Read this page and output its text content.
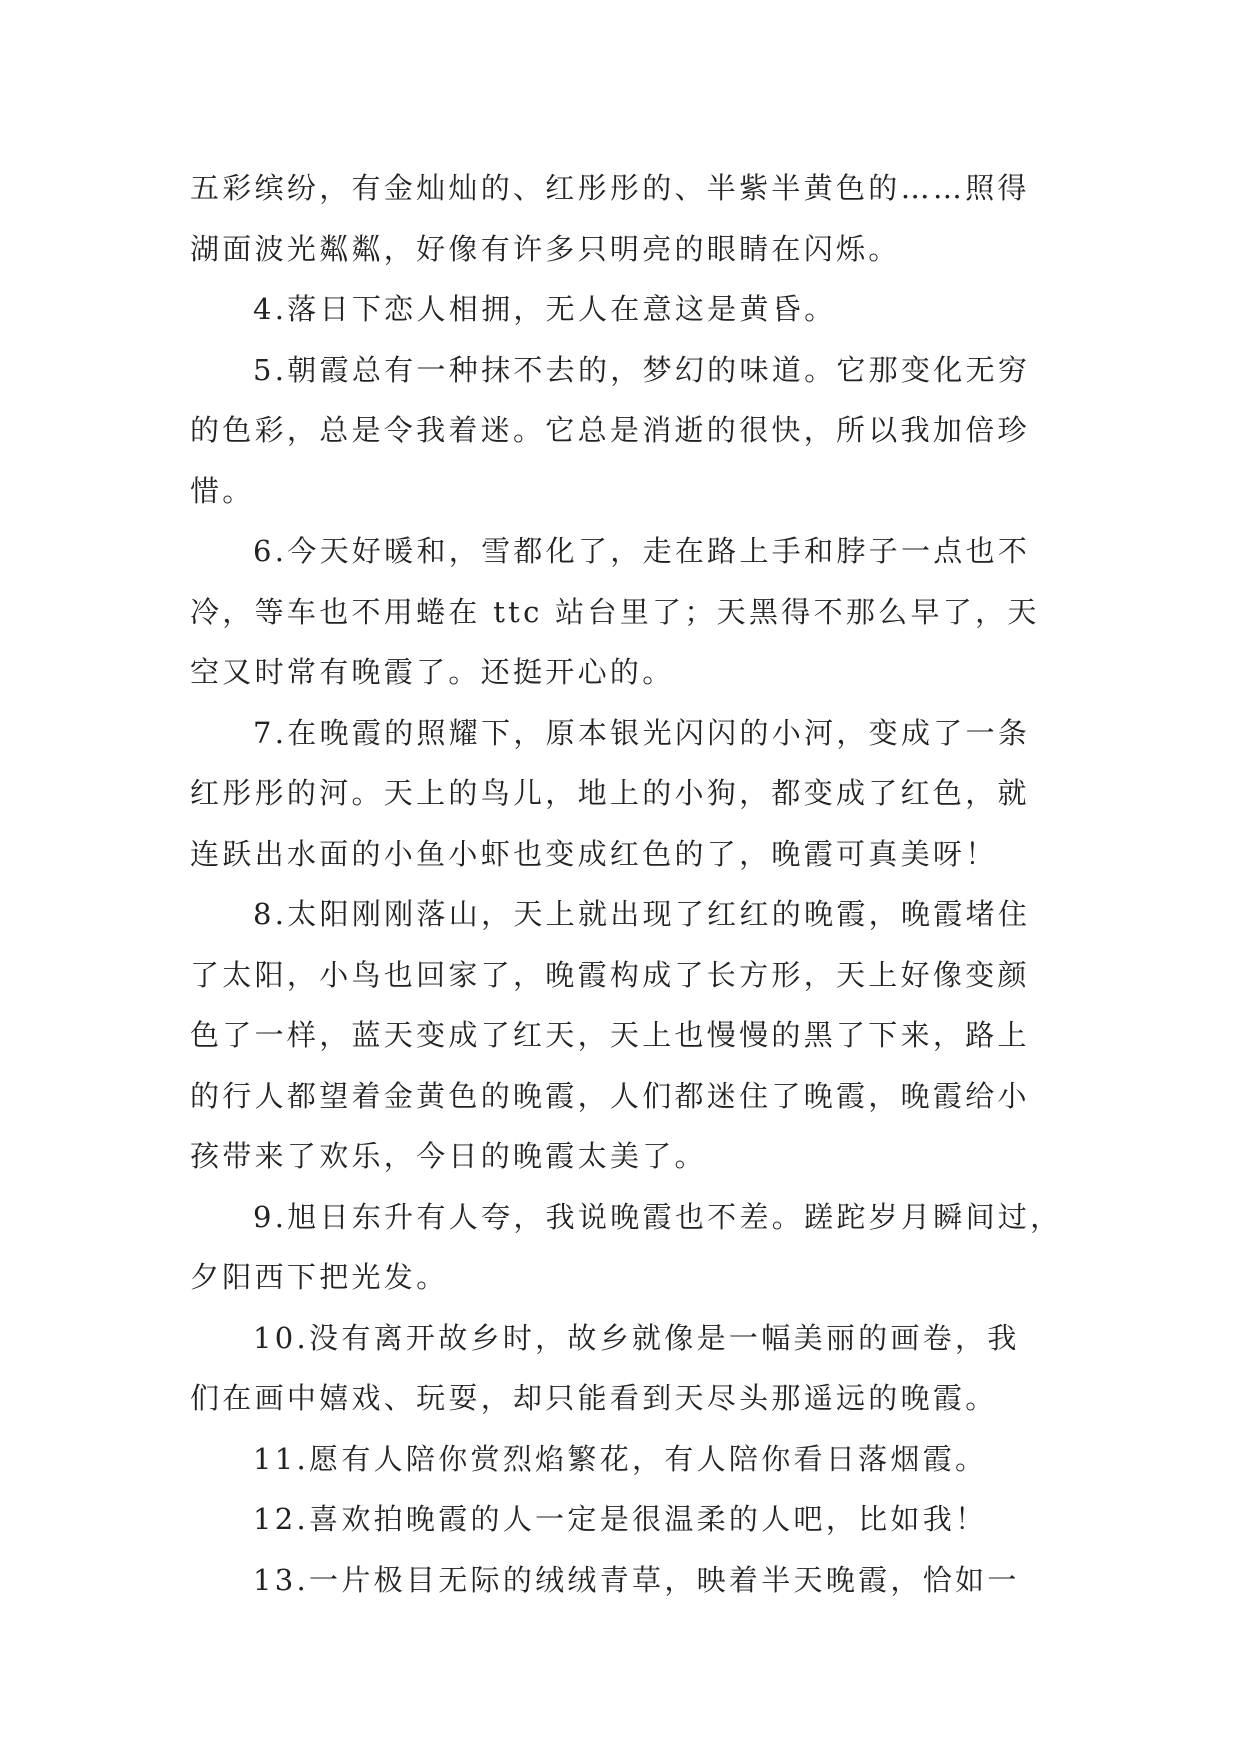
五彩缤纷，有金灿灿的、红彤彤的、半紫半黄色的……照得
湖面波光粼粼，好像有许多只明亮的眼睛在闪烁。

4.落日下恋人相拥，无人在意这是黄昏。

5.朝霞总有一种抹不去的，梦幻的味道。它那变化无穷
的色彩，总是令我着迷。它总是消逝的很快，所以我加倍珍
惜。

6.今天好暖和，雪都化了，走在路上手和脖子一点也不
冷，等车也不用蜷在 ttc 站台里了；天黑得不那么早了，天
空又时常有晚霞了。还挺开心的。

7.在晚霞的照耀下，原本银光闪闪的小河，变成了一条
红彤彤的河。天上的鸟儿，地上的小狗，都变成了红色，就
连跃出水面的小鱼小虾也变成红色的了，晚霞可真美呀！

8.太阳刚刚落山，天上就出现了红红的晚霞，晚霞堵住
了太阳，小鸟也回家了，晚霞构成了长方形，天上好像变颜
色了一样，蓝天变成了红天，天上也慢慢的黑了下来，路上
的行人都望着金黄色的晚霞，人们都迷住了晚霞，晚霞给小
孩带来了欢乐，今日的晚霞太美了。

9.旭日东升有人夸，我说晚霞也不差。蹉跎岁月瞬间过，
夕阳西下把光发。

10.没有离开故乡时，故乡就像是一幅美丽的画卷，我
们在画中嬉戏、玩耍，却只能看到天尽头那遥远的晚霞。

11.愿有人陪你赏烈焰繁花，有人陪你看日落烟霞。

12.喜欢拍晚霞的人一定是很温柔的人吧，比如我！

13.一片极目无际的绒绒青草，映着半天晚霞，恰如一
